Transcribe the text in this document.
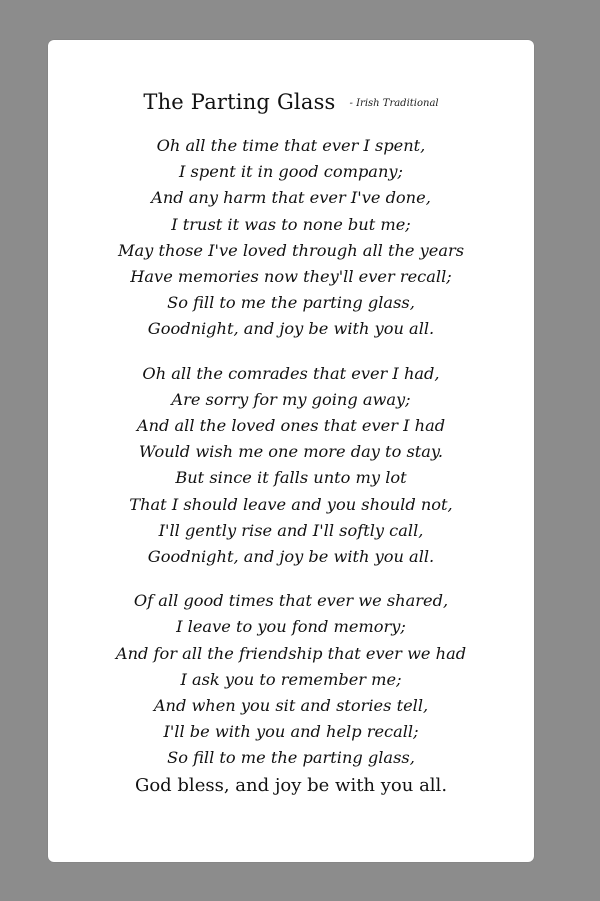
The Parting Glass - Irish Traditional
Oh all the time that ever I spent,
I spent it in good company;
And any harm that ever I've done,
I trust it was to none but me;
May those I've loved through all the years
Have memories now they'll ever recall;
So fill to me the parting glass,
Goodnight, and joy be with you all.
Oh all the comrades that ever I had,
Are sorry for my going away;
And all the loved ones that ever I had
Would wish me one more day to stay.
But since it falls unto my lot
That I should leave and you should not,
I'll gently rise and I'll softly call,
Goodnight, and joy be with you all.
Of all good times that ever we shared,
I leave to you fond memory;
And for all the friendship that ever we had
I ask you to remember me;
And when you sit and stories tell,
I'll be with you and help recall;
So fill to me the parting glass,
God bless, and joy be with you all.
